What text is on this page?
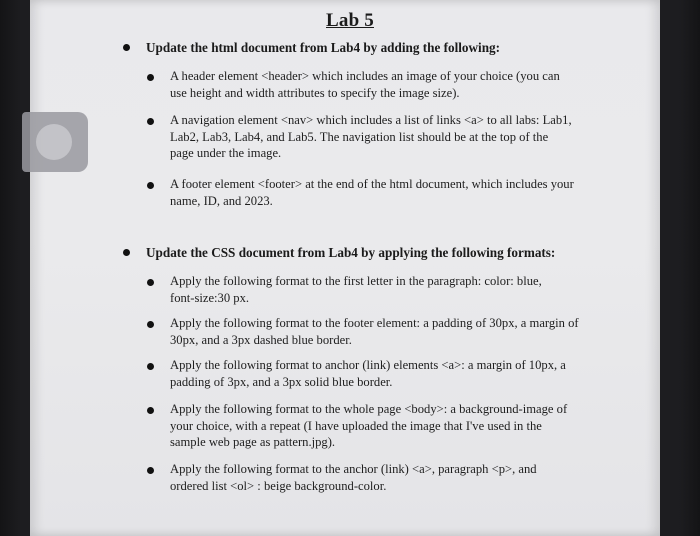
Lab 5
Update the html document from Lab4 by adding the following:
A header element <header> which includes an image of your choice (you can use height and width attributes to specify the image size).
A navigation element <nav> which includes a list of links <a> to all labs: Lab1, Lab2, Lab3, Lab4, and Lab5. The navigation list should be at the top of the page under the image.
A footer element <footer> at the end of the html document, which includes your name, ID, and 2023.
Update the CSS document from Lab4 by applying the following formats:
Apply the following format to the first letter in the paragraph: color: blue, font-size:30 px.
Apply the following format to the footer element: a padding of 30px, a margin of 30px, and a 3px dashed blue border.
Apply the following format to anchor (link) elements <a>: a margin of 10px, a padding of 3px, and a 3px solid blue border.
Apply the following format to the whole page <body>: a background-image of your choice, with a repeat (I have uploaded the image that I've used in the sample web page as pattern.jpg).
Apply the following format to the anchor (link) <a>, paragraph <p>, and ordered list <ol> : beige background-color.
